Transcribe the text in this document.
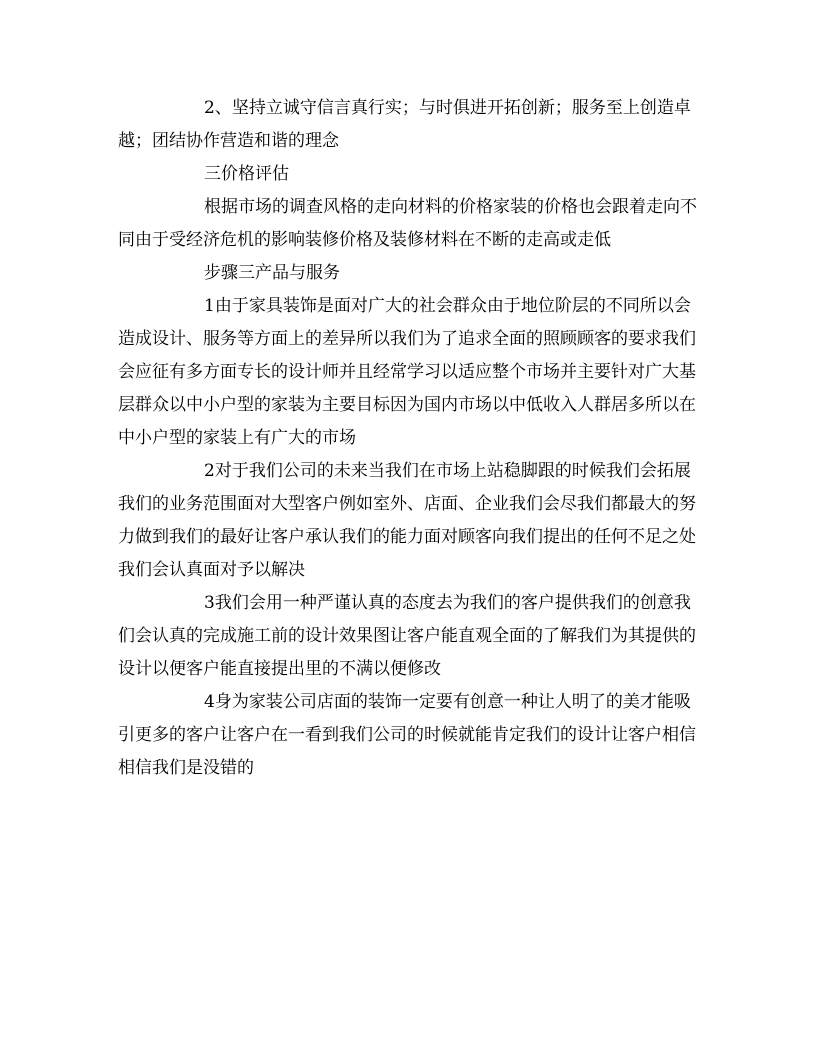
2、坚持立诚守信言真行实；与时俱进开拓创新；服务至上创造卓越；团结协作营造和谐的理念

三价格评估

根据市场的调查风格的走向材料的价格家装的价格也会跟着走向不同由于受经济危机的影响装修价格及装修材料在不断的走高或走低

步骤三产品与服务

1由于家具装饰是面对广大的社会群众由于地位阶层的不同所以会造成设计、服务等方面上的差异所以我们为了追求全面的照顾顾客的要求我们会应征有多方面专长的设计师并且经常学习以适应整个市场并主要针对广大基层群众以中小户型的家装为主要目标因为国内市场以中低收入人群居多所以在中小户型的家装上有广大的市场

2对于我们公司的未来当我们在市场上站稳脚跟的时候我们会拓展我们的业务范围面对大型客户例如室外、店面、企业我们会尽我们都最大的努力做到我们的最好让客户承认我们的能力面对顾客向我们提出的任何不足之处我们会认真面对予以解决

3我们会用一种严谨认真的态度去为我们的客户提供我们的创意我们会认真的完成施工前的设计效果图让客户能直观全面的了解我们为其提供的设计以便客户能直接提出里的不满以便修改

4身为家装公司店面的装饰一定要有创意一种让人明了的美才能吸引更多的客户让客户在一看到我们公司的时候就能肯定我们的设计让客户相信相信我们是没错的
